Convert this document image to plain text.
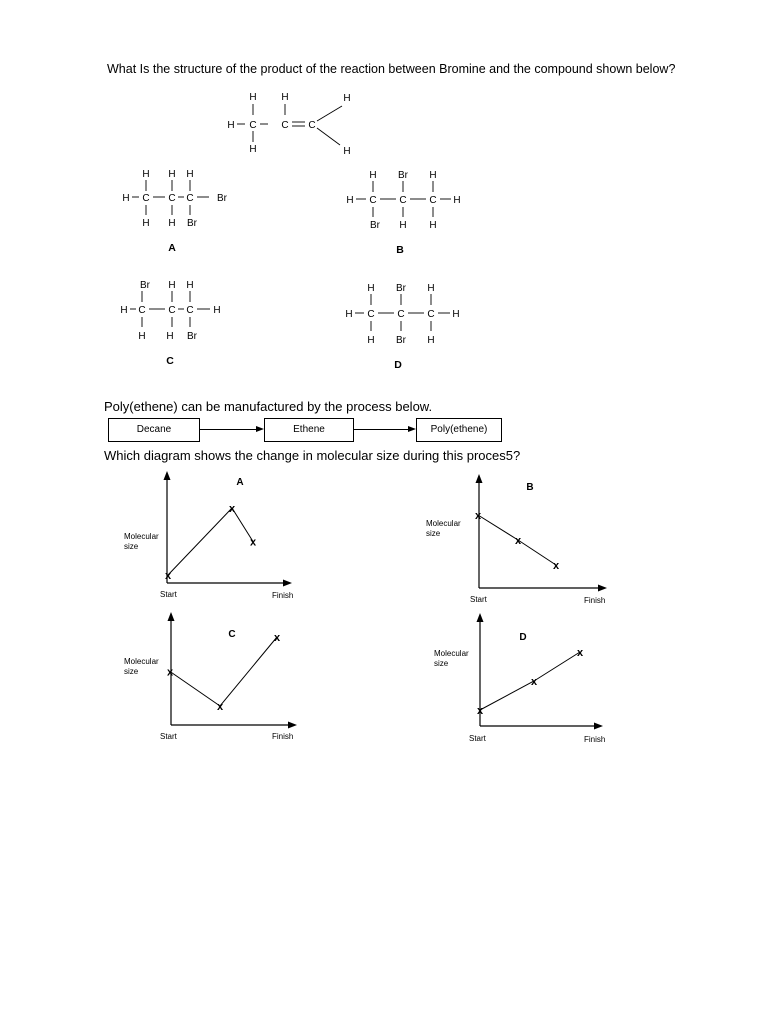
What Is the structure of the product of the reaction between Bromine and the compound shown below?
H H	H
H C C C
H
H
H H H
H C C C Br
H H Br
A
H Br H
H C C C H
Br H H
B
Br H H
H C C C H
H H Br
C
H Br H
H C C C H
H Br H
D
Poly(ethene) can be manufactured by the process below.
Decane	Ethene	Poly(ethene)
Which diagram shows the change in molecular size during this proces5?
x
x
x
A
Molecular
size
Start	Finish
x
x
x
B
Molecular
size
Start	Finish
x
x
x
C
Molecular
size
Start	Finish
x
x
x
D
Molecular
size
Start	Finish
